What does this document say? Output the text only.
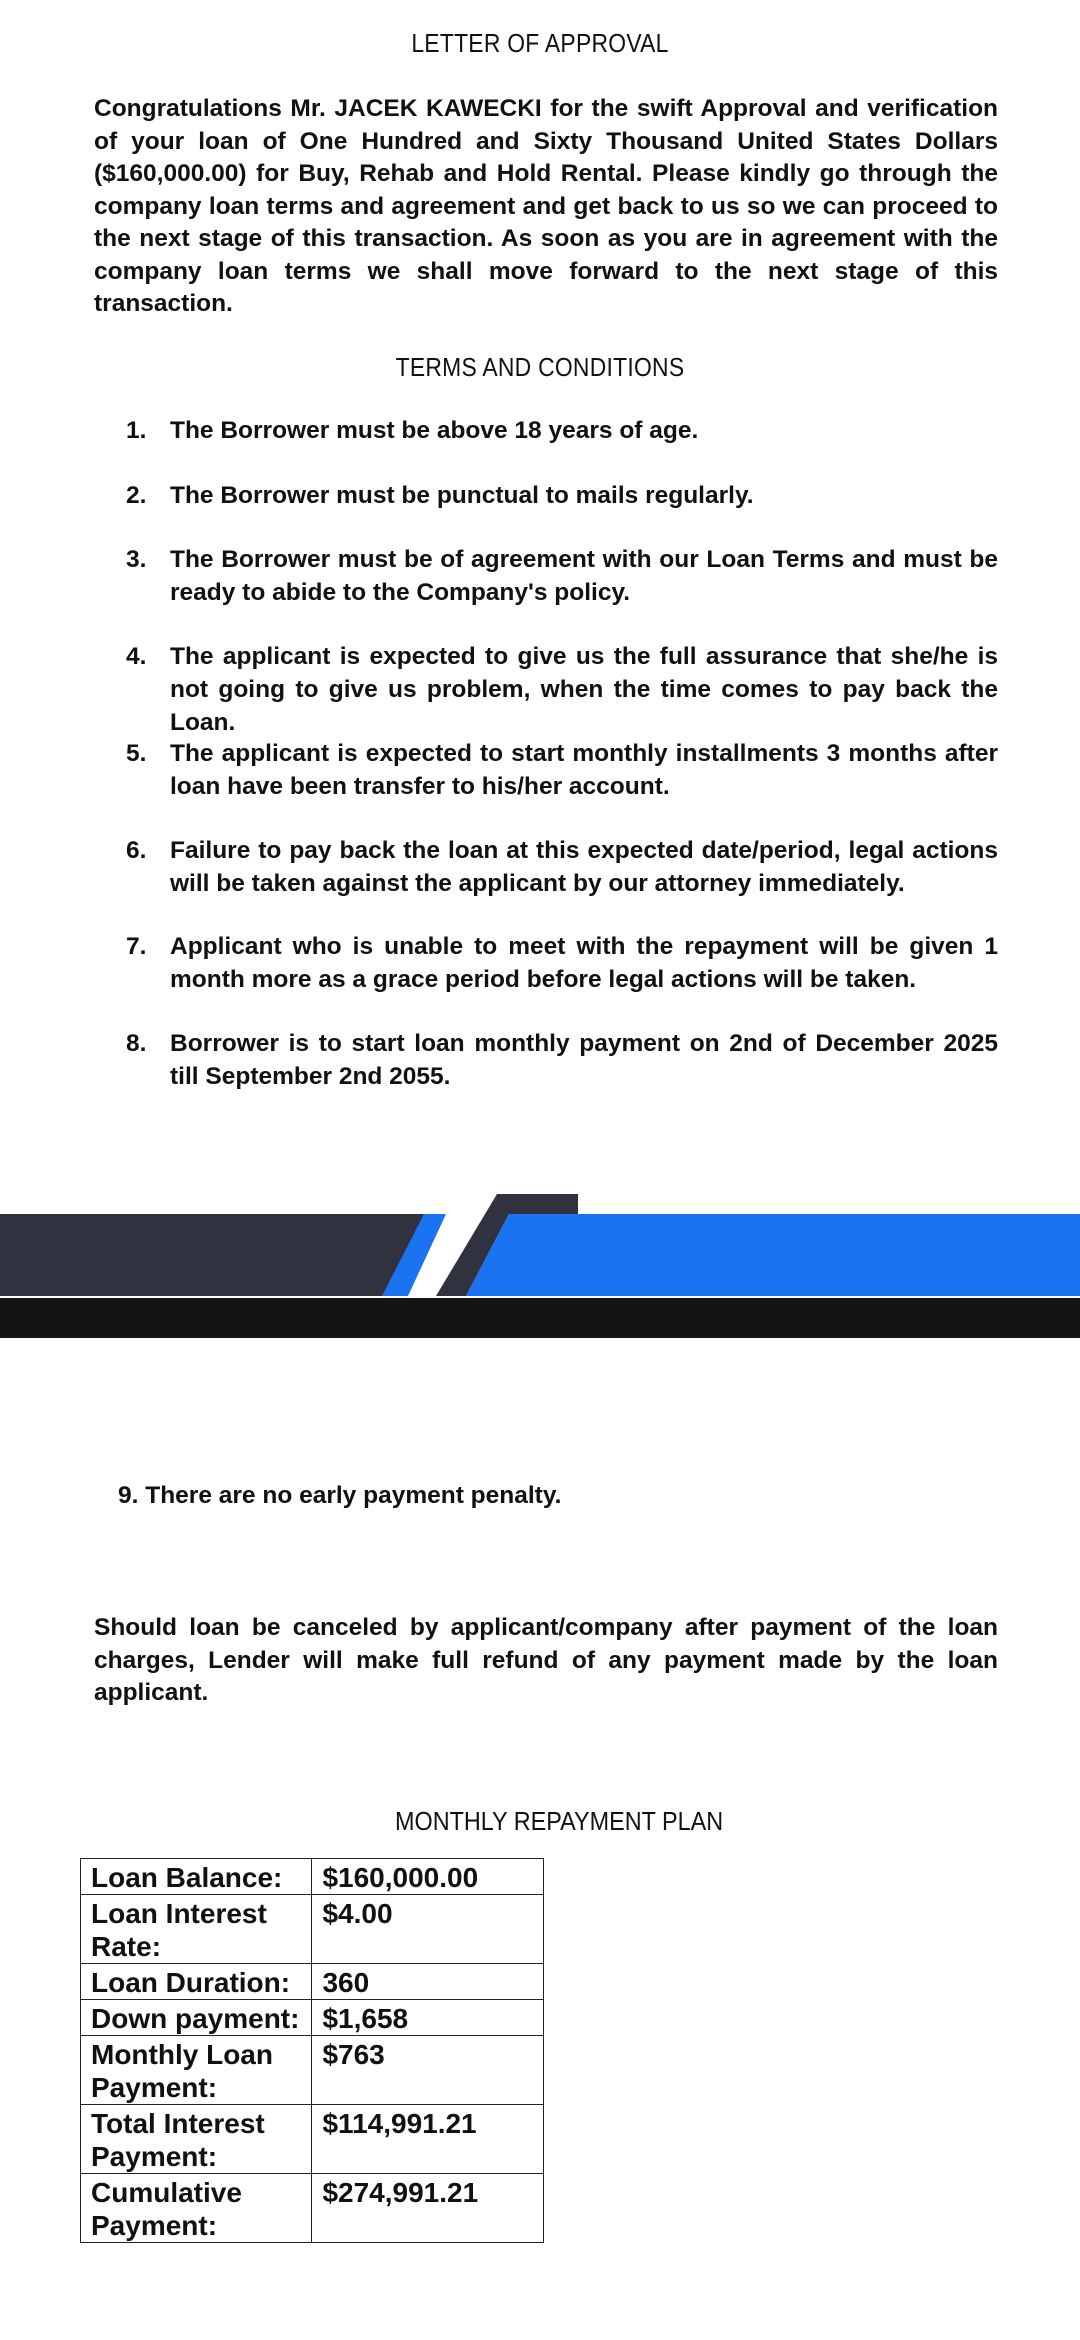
LETTER OF APPROVAL
Congratulations Mr. JACEK KAWECKI for the swift Approval and verification of your loan of One Hundred and Sixty Thousand United States Dollars ($160,000.00) for Buy, Rehab and Hold Rental. Please kindly go through the company loan terms and agreement and get back to us so we can proceed to the next stage of this transaction. As soon as you are in agreement with the company loan terms we shall move forward to the next stage of this transaction.
TERMS AND CONDITIONS
1. The Borrower must be above 18 years of age.
2. The Borrower must be punctual to mails regularly.
3. The Borrower must be of agreement with our Loan Terms and must be ready to abide to the Company's policy.
4. The applicant is expected to give us the full assurance that she/he is not going to give us problem, when the time comes to pay back the Loan.
5. The applicant is expected to start monthly installments 3 months after loan have been transfer to his/her account.
6. Failure to pay back the loan at this expected date/period, legal actions will be taken against the applicant by our attorney immediately.
7. Applicant who is unable to meet with the repayment will be given 1 month more as a grace period before legal actions will be taken.
8. Borrower is to start loan monthly payment on 2nd of December 2025 till September 2nd 2055.
9. There are no early payment penalty.
Should loan be canceled by applicant/company after payment of the loan charges, Lender will make full refund of any payment made by the loan applicant.
MONTHLY REPAYMENT PLAN
Loan Balance:	$160,000.00
Loan Interest Rate:	$4.00
Loan Duration:	360
Down payment:	$1,658
Monthly Loan Payment:	$763
Total Interest Payment:	$114,991.21
Cumulative Payment:	$274,991.21
